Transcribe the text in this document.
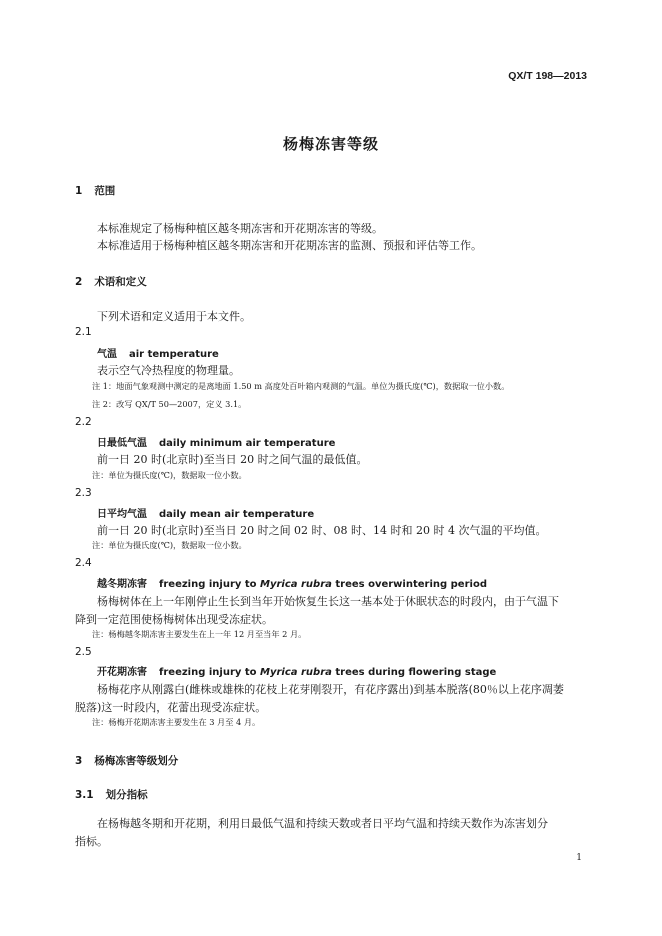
QX/T 198—2013
杨梅冻害等级
1 范围
本标准规定了杨梅种植区越冬期冻害和开花期冻害的等级。
本标准适用于杨梅种植区越冬期冻害和开花期冻害的监测、预报和评估等工作。
2 术语和定义
下列术语和定义适用于本文件。
2.1
气温 air temperature
表示空气冷热程度的物理量。
注 1：地面气象观测中测定的是离地面 1.50 m 高度处百叶箱内观测的气温。单位为摄氏度(℃)，数据取一位小数。
注 2：改写 QX/T 50—2007，定义 3.1。
2.2
日最低气温 daily minimum air temperature
前一日 20 时(北京时)至当日 20 时之间气温的最低值。
注：单位为摄氏度(℃)，数据取一位小数。
2.3
日平均气温 daily mean air temperature
前一日 20 时(北京时)至当日 20 时之间 02 时、08 时、14 时和 20 时 4 次气温的平均值。
注：单位为摄氏度(℃)，数据取一位小数。
2.4
越冬期冻害 freezing injury to Myrica rubra trees overwintering period
杨梅树体在上一年刚停止生长到当年开始恢复生长这一基本处于休眠状态的时段内，由于气温下
降到一定范围使杨梅树体出现受冻症状。
注：杨梅越冬期冻害主要发生在上一年 12 月至当年 2 月。
2.5
开花期冻害 freezing injury to Myrica rubra trees during flowering stage
杨梅花序从刚露白(雌株或雄株的花枝上花芽刚裂开，有花序露出)到基本脱落(80％以上花序凋萎
脱落)这一时段内，花蕾出现受冻症状。
注：杨梅开花期冻害主要发生在 3 月至 4 月。
3 杨梅冻害等级划分
3.1 划分指标
在杨梅越冬期和开花期，利用日最低气温和持续天数或者日平均气温和持续天数作为冻害划分
指标。
1
